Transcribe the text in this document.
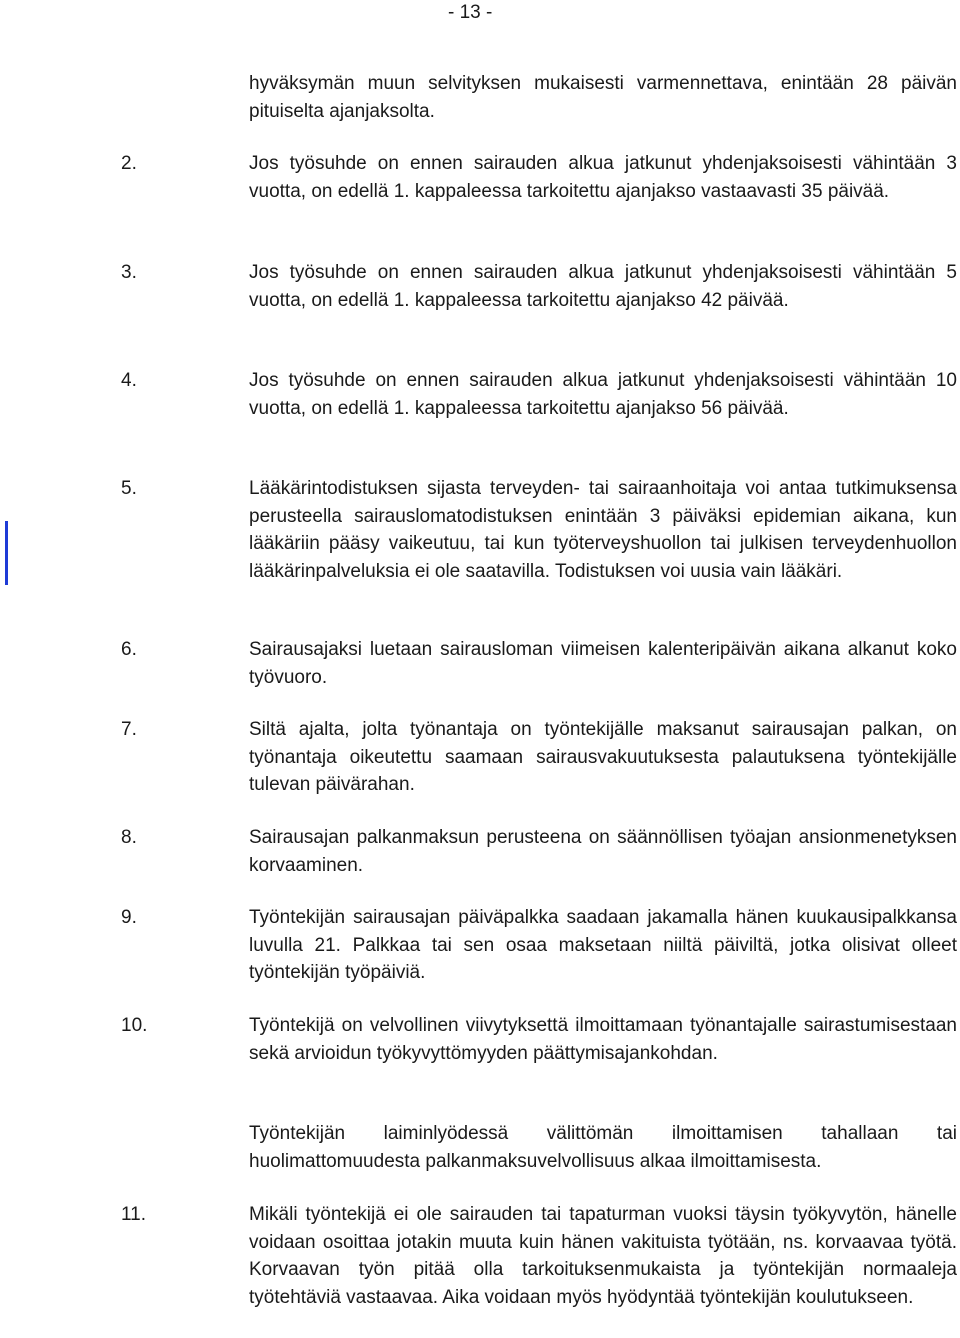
- 13 -

hyväksymän muun selvityksen mukaisesti varmennettava, enintään 28 päivän pituiselta ajanjaksolta.

2.	Jos työsuhde on ennen sairauden alkua jatkunut yhdenjaksoisesti vähintään 3 vuotta, on edellä 1. kappaleessa tarkoitettu ajanjakso vastaavasti 35 päivää.

3.	Jos työsuhde on ennen sairauden alkua jatkunut yhdenjaksoisesti vähintään 5 vuotta, on edellä 1. kappaleessa tarkoitettu ajanjakso 42 päivää.

4.	Jos työsuhde on ennen sairauden alkua jatkunut yhdenjaksoisesti vähintään 10 vuotta, on edellä 1. kappaleessa tarkoitettu ajanjakso 56 päivää.

5.	Lääkärintodistuksen sijasta terveyden- tai sairaanhoitaja voi antaa tutkimuksensa perusteella sairauslomatodistuksen enintään 3 päiväksi epidemian aikana, kun lääkäriin pääsy vaikeutuu, tai kun työterveyshuollon tai julkisen terveydenhuollon lääkärinpalveluksia ei ole saatavilla. Todistuksen voi uusia vain lääkäri.

6.	Sairausajaksi luetaan sairausloman viimeisen kalenteripäivän aikana alkanut koko työvuoro.

7.	Siltä ajalta, jolta työnantaja on työntekijälle maksanut sairausajan palkan, on työnantaja oikeutettu saamaan sairausvakuutuksesta palautuksena työntekijälle tulevan päivärahan.

8.	Sairausajan palkanmaksun perusteena on säännöllisen työajan ansionmenetyksen korvaaminen.

9.	Työntekijän sairausajan päiväpalkka saadaan jakamalla hänen kuukausipalkkansa luvulla 21. Palkkaa tai sen osaa maksetaan niiltä päiviltä, jotka olisivat olleet työntekijän työpäiviä.

10.	Työntekijä on velvollinen viivytyksettä ilmoittamaan työnantajalle sairastumisestaan sekä arvioidun työkyvyttömyyden päättymisajankohdan.

Työntekijän laiminlyödessä välittömän ilmoittamisen tahallaan tai huolimattomuudesta palkanmaksuvelvollisuus alkaa ilmoittamisesta.

11.	Mikäli työntekijä ei ole sairauden tai tapaturman vuoksi täysin työkyvytön, hänelle voidaan osoittaa jotakin muuta kuin hänen vakituista työtään, ns. korvaavaa työtä. Korvaavan työn pitää olla tarkoituksenmukaista ja työntekijän normaaleja työtehtäviä vastaavaa. Aika voidaan myös hyödyntää työntekijän koulutukseen.
